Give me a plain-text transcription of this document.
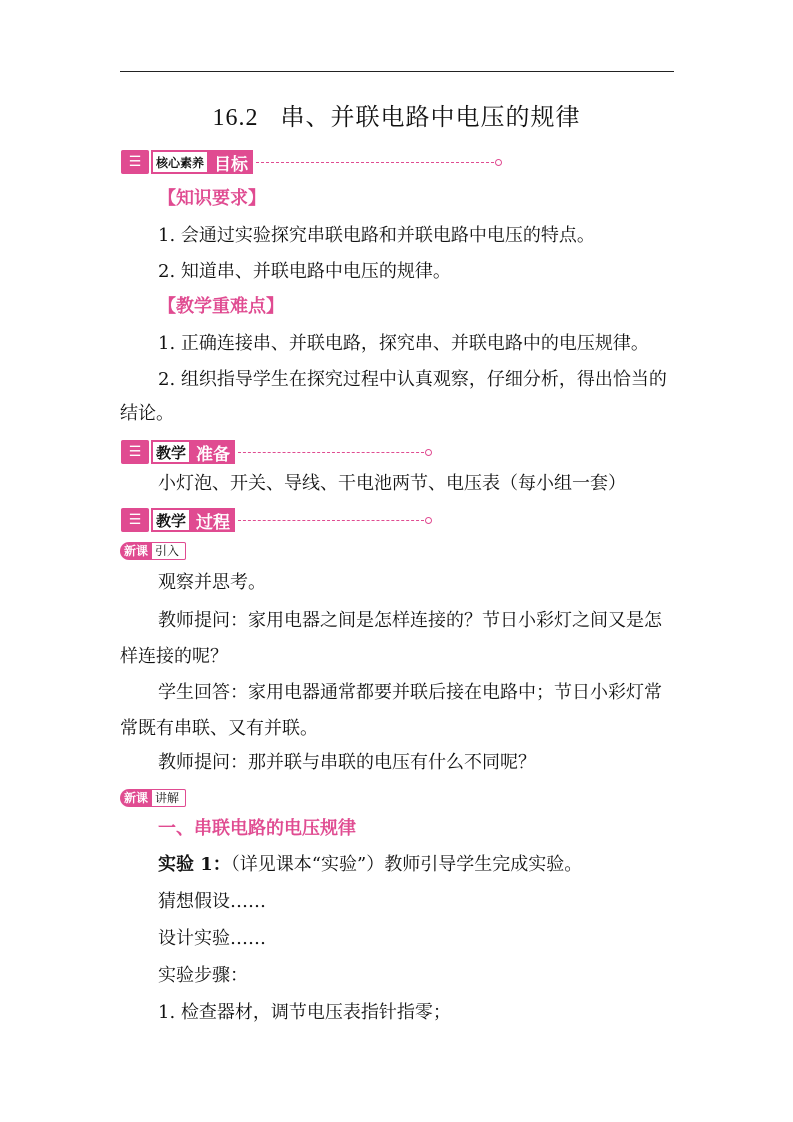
16.2 串、并联电路中电压的规律
☰	核心素养 目标
【知识要求】
1. 会通过实验探究串联电路和并联电路中电压的特点。
2. 知道串、并联电路中电压的规律。
【教学重难点】
1. 正确连接串、并联电路，探究串、并联电路中的电压规律。
2. 组织指导学生在探究过程中认真观察，仔细分析，得出恰当的结论。
☰ 教学 准备
小灯泡、开关、导线、干电池两节、电压表（每小组一套）
☰ 教学 过程
新课 引入
观察并思考。
教师提问：家用电器之间是怎样连接的？节日小彩灯之间又是怎样连接的呢？
学生回答：家用电器通常都要并联后接在电路中；节日小彩灯常常既有串联、又有并联。
教师提问：那并联与串联的电压有什么不同呢？
新课 讲解
一、串联电路的电压规律
实验 1：（详见课本“实验”）教师引导学生完成实验。
猜想假设……
设计实验……
实验步骤：
1. 检查器材，调节电压表指针指零；
